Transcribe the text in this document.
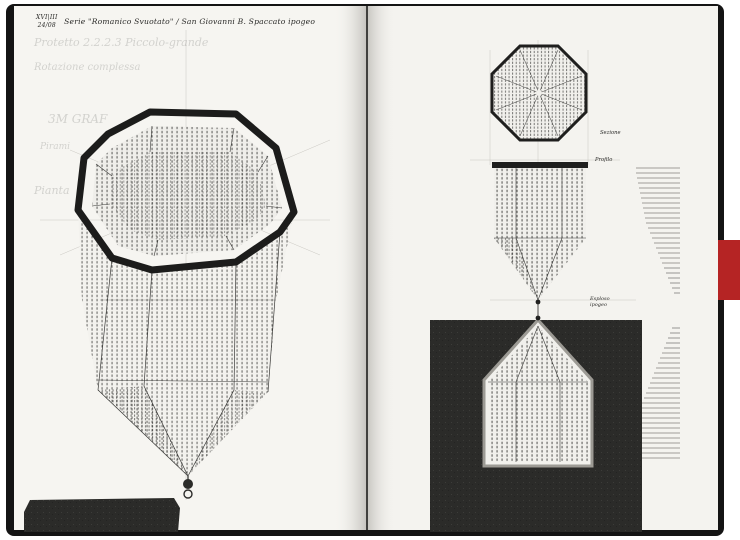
Protetto 2.2.2.3 Piccolo-grande
Rotazione complessa
3M GRAF
Pirami
Pianta
XVI|III
24/08 Serie "Romanico Svuotato" / San Giovanni B. Spaccato ipogeo
Sezione
Profilo
Esploso
ipogeo
